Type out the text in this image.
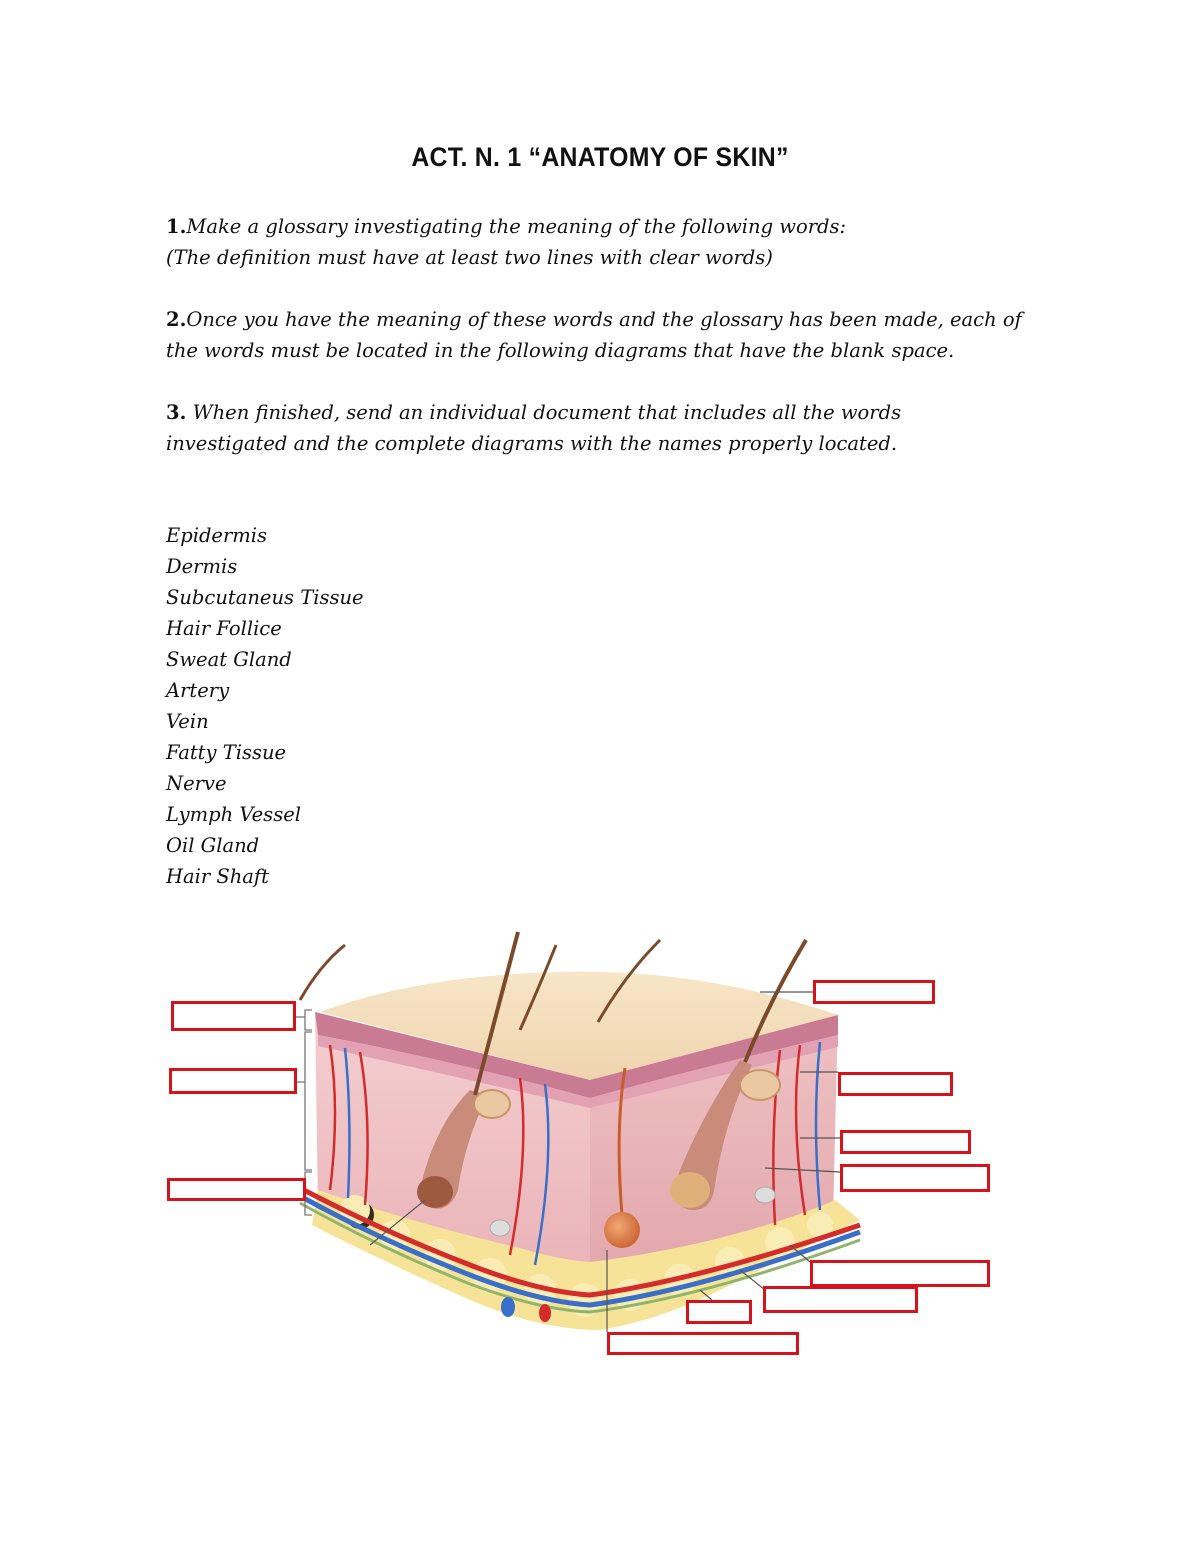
ACT. N. 1 “ANATOMY OF SKIN”
1.Make a glossary investigating the meaning of the following words:
(The definition must have at least two lines with clear words)
2.Once you have the meaning of these words and the glossary has been made, each of
the words must be located in the following diagrams that have the blank space.
3. When finished, send an individual document that includes all the words
investigated and the complete diagrams with the names properly located.
Epidermis
Dermis
Subcutaneus Tissue
Hair Follice
Sweat Gland
Artery
Vein
Fatty Tissue
Nerve
Lymph Vessel
Oil Gland
Hair Shaft
